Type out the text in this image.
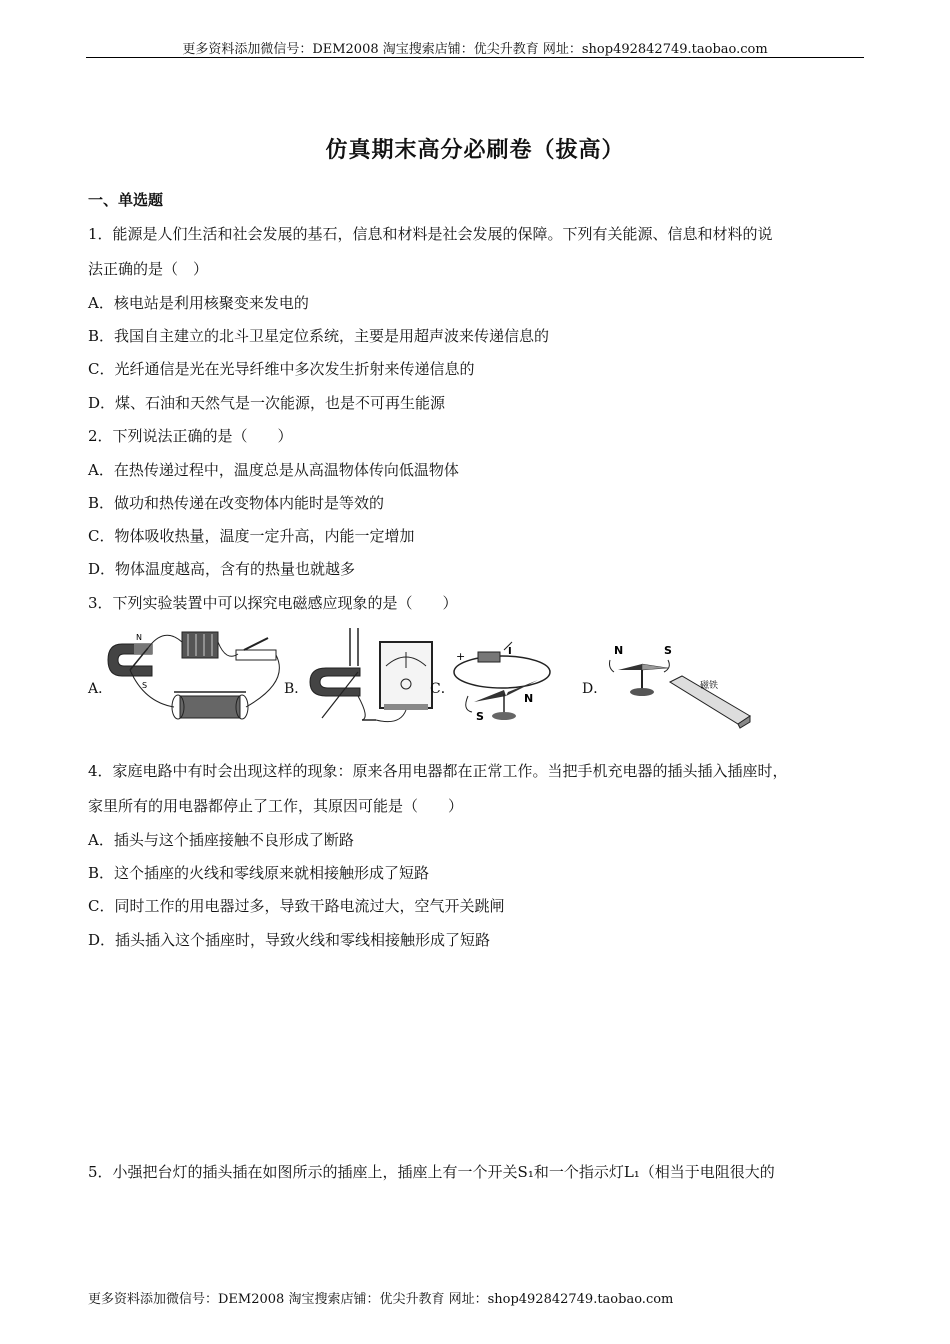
更多资料添加微信号：DEM2008 淘宝搜索店铺：优尖升教育 网址：shop492842749.taobao.com
仿真期末高分必刷卷（拔高）
一、单选题
1．能源是人们生活和社会发展的基石，信息和材料是社会发展的保障。下列有关能源、信息和材料的说
法正确的是（　）
A．核电站是利用核聚变来发电的
B．我国自主建立的北斗卫星定位系统，主要是用超声波来传递信息的
C．光纤通信是光在光导纤维中多次发生折射来传递信息的
D．煤、石油和天然气是一次能源，也是不可再生能源
2．下列说法正确的是（　　）
A．在热传递过程中，温度总是从高温物体传向低温物体
B．做功和热传递在改变物体内能时是等效的
C．物体吸收热量，温度一定升高，内能一定增加
D．物体温度越高，含有的热量也就越多
3．下列实验装置中可以探究电磁感应现象的是（　　）
A．
N
S	B．	C．
+	I
S
N
D．
N	S
磁铁
4．家庭电路中有时会出现这样的现象：原来各用电器都在正常工作。当把手机充电器的插头插入插座时，
家里所有的用电器都停止了工作，其原因可能是（　　）
A．插头与这个插座接触不良形成了断路
B．这个插座的火线和零线原来就相接触形成了短路
C．同时工作的用电器过多，导致干路电流过大，空气开关跳闸
D．插头插入这个插座时，导致火线和零线相接触形成了短路
5．小强把台灯的插头插在如图所示的插座上，插座上有一个开关S₁和一个指示灯L₁（相当于电阻很大的
更多资料添加微信号：DEM2008 淘宝搜索店铺：优尖升教育 网址：shop492842749.taobao.com
